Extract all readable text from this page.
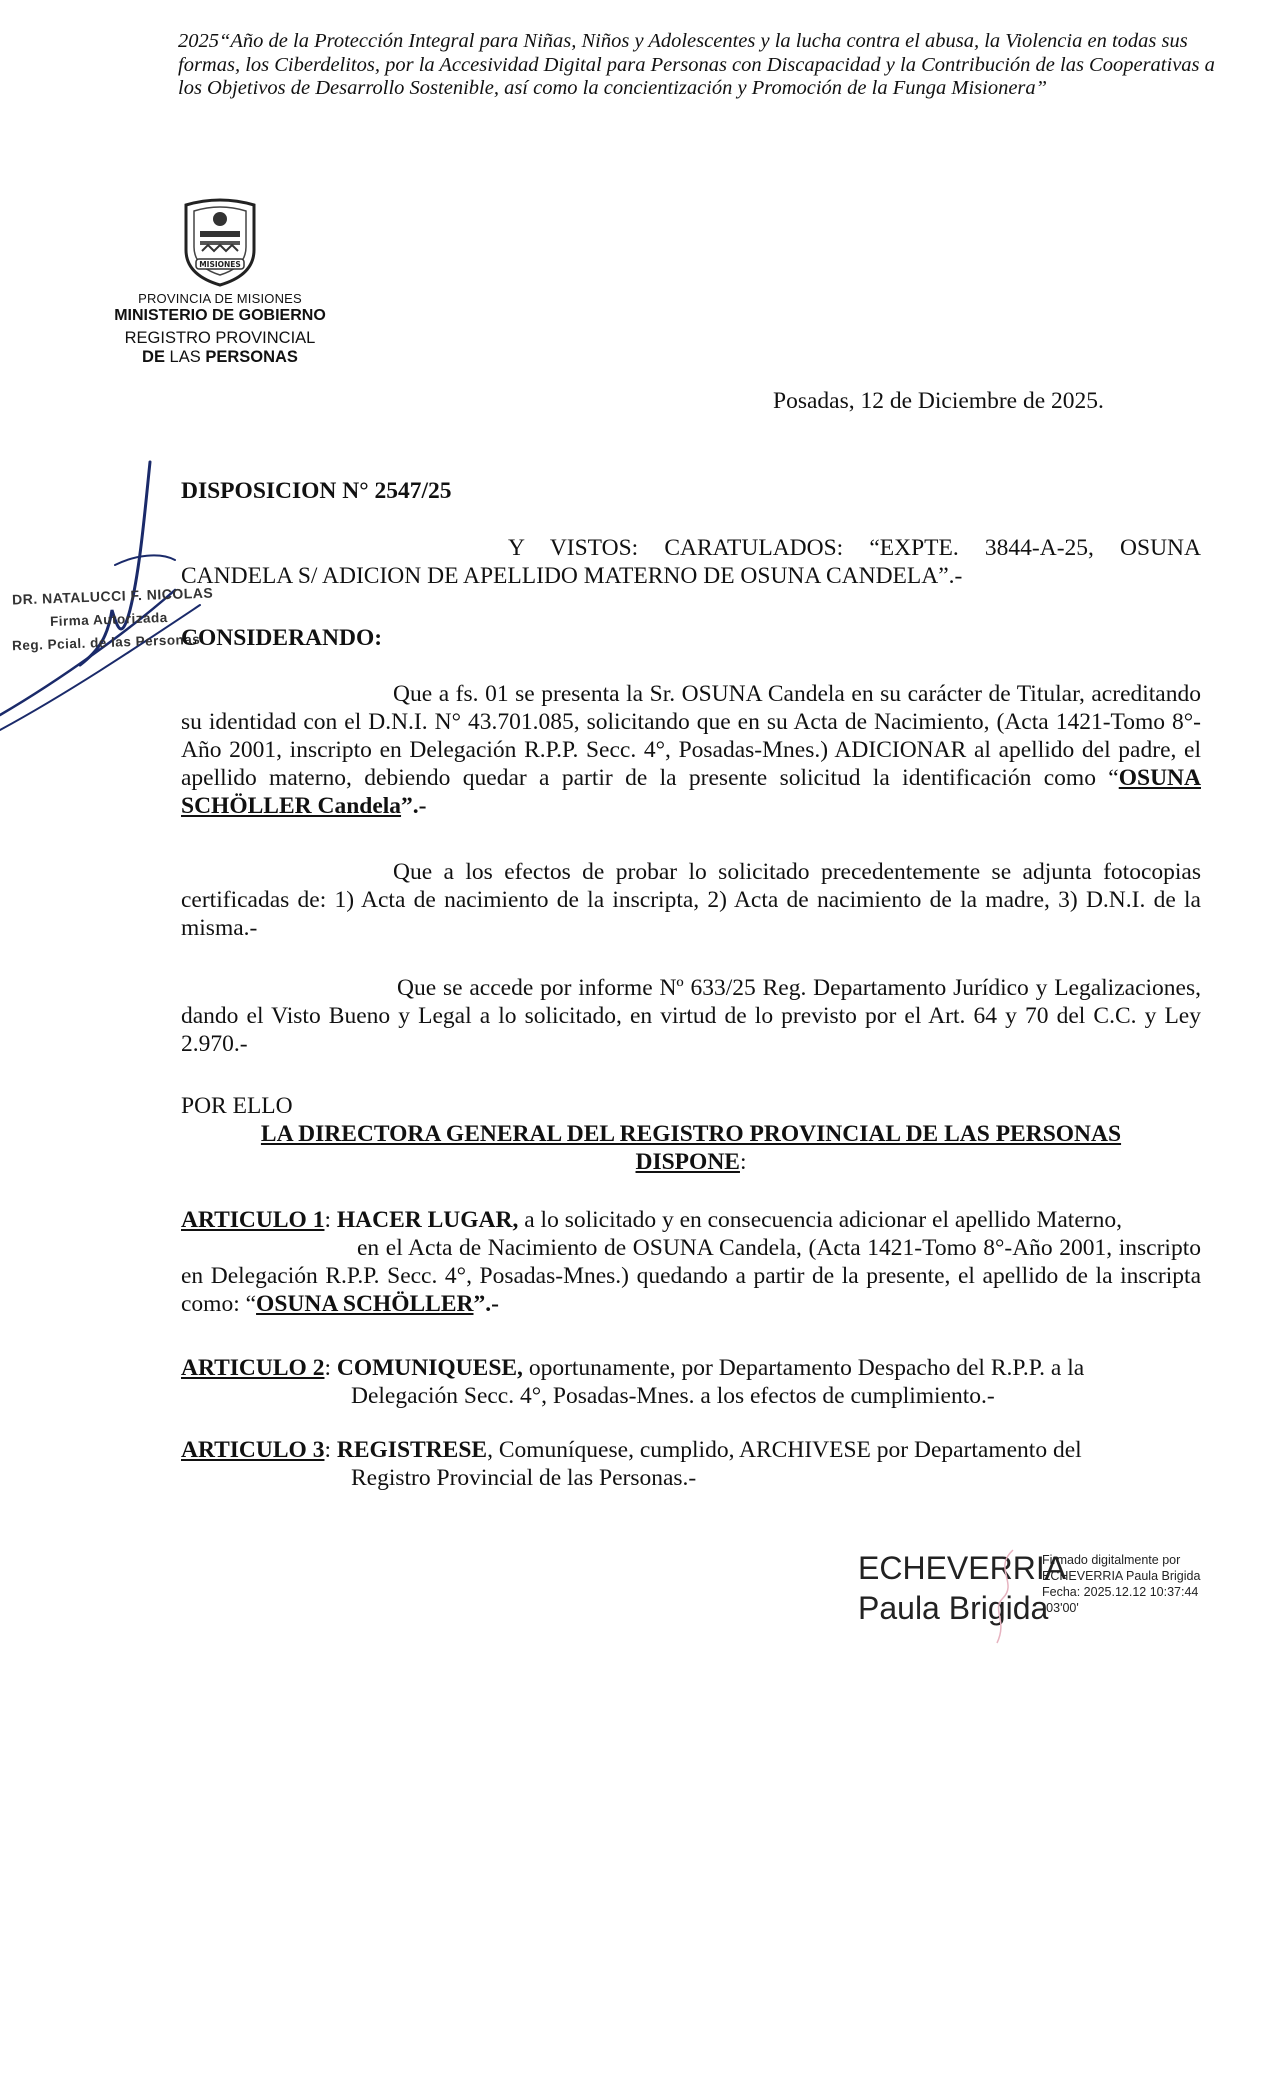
2025“Año de la Protección Integral para Niñas, Niños y Adolescentes y la lucha contra el abusa, la Violencia en todas sus formas, los Ciberdelitos, por la Accesividad Digital para Personas con Discapacidad y la Contribución de las Cooperativas a los Objetivos de Desarrollo Sostenible, así como la concientización y Promoción de la Funga Misionera”
MISIONES
PROVINCIA DE MISIONES
MINISTERIO DE GOBIERNO
REGISTRO PROVINCIAL
DE LAS PERSONAS
Posadas, 12 de Diciembre de 2025.
DR. NATALUCCI F. NICOLAS
Firma Autorizada
Reg. Pcial. de las Personas
DISPOSICION N° 2547/25
Y VISTOS: CARATULADOS: “EXPTE. 3844-A-25, OSUNA CANDELA S/ ADICION DE APELLIDO MATERNO DE OSUNA CANDELA”.-
CONSIDERANDO:
Que a fs. 01 se presenta la Sr. OSUNA Candela en su carácter de Titular, acreditando su identidad con el D.N.I. N° 43.701.085, solicitando que en su Acta de Nacimiento, (Acta 1421-Tomo 8°-Año 2001, inscripto en Delegación R.P.P. Secc. 4°, Posadas-Mnes.) ADICIONAR al apellido del padre, el apellido materno, debiendo quedar a partir de la presente solicitud la identificación como “OSUNA SCHÖLLER Candela”.-
Que a los efectos de probar lo solicitado precedentemente se adjunta fotocopias certificadas de: 1) Acta de nacimiento de la inscripta, 2) Acta de nacimiento de la madre, 3) D.N.I. de la misma.-
Que se accede por informe Nº 633/25 Reg. Departamento Jurídico y Legalizaciones, dando el Visto Bueno y Legal a lo solicitado, en virtud de lo previsto por el Art. 64 y 70 del C.C. y Ley 2.970.-
POR ELLO
LA DIRECTORA GENERAL DEL REGISTRO PROVINCIAL DE LAS PERSONAS
DISPONE:
ARTICULO 1: HACER LUGAR, a lo solicitado y en consecuencia adicionar el apellido Materno,
en el Acta de Nacimiento de OSUNA Candela, (Acta 1421-Tomo 8°-Año 2001, inscripto en Delegación R.P.P. Secc. 4°, Posadas-Mnes.) quedando a partir de la presente, el apellido de la inscripta como: “OSUNA SCHÖLLER”.-
ARTICULO 2: COMUNIQUESE, oportunamente, por Departamento Despacho del R.P.P. a la
Delegación Secc. 4°, Posadas-Mnes. a los efectos de cumplimiento.-
ARTICULO 3: REGISTRESE, Comuníquese, cumplido, ARCHIVESE por Departamento del
Registro Provincial de las Personas.-
ECHEVERRIA
Paula Brigida
Firmado digitalmente por ECHEVERRIA Paula Brigida Fecha: 2025.12.12 10:37:44 -03'00'
